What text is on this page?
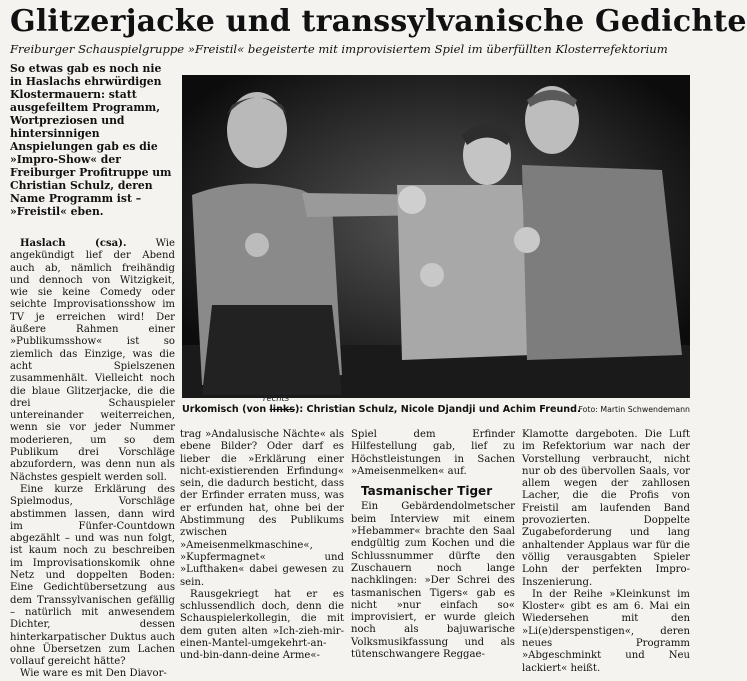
Glitzerjacke und transsylvanische Gedichte
Freiburger Schauspielgruppe »Freistil« begeisterte mit improvisiertem Spiel im überfüllten Klosterrefektorium

So etwas gab es noch nie in Haslachs ehrwürdigen Klostermauern: statt ausgefeiltem Programm, Wortpreziosen und hintersinnigen Anspielungen gab es die »Impro-Show« der Freiburger Profitruppe um Christian Schulz, deren Name Programm ist – »Freistil« eben.

Haslach (csa). Wie angekündigt lief der Abend auch ab, nämlich freihändig und dennoch von Witzigkeit, wie sie keine Comedy oder seichte Improvisationsshow im TV je erreichen wird! Der äußere Rahmen einer »Publikumsshow« ist so ziemlich das Einzige, was die acht Spielszenen zusammenhält. Vielleicht noch die blaue Glitzerjacke, die die drei Schauspieler untereinander weiterreichen, wenn sie vor jeder Nummer moderieren, um so dem Publikum drei Vorschläge abzufordern, was denn nun als Nächstes gespielt werden soll.

Eine kurze Erklärung des Spielmodus, Vorschläge abstimmen lassen, dann wird im Fünfer-Countdown abgezählt – und was nun folgt, ist kaum noch zu beschreiben im Improvisationskomik ohne Netz und doppelten Boden: Eine Gedichtübersetzung aus dem Transsylvanischen gefällig – natürlich mit anwesendem Dichter, dessen hinterkarpatischer Duktus auch ohne Übersetzen zum Lachen vollauf gereicht hätte?

Wie ware es mit Den Diavor-

rechts
Urkomisch (von links): Christian Schulz, Nicole Djandji und Achim Freund.
Foto: Martin Schwendemann

trag »Andalusische Nächte« als ebene Bilder? Oder darf es lieber die »Erklärung einer nicht-existierenden Erfindung« sein, die dadurch besticht, dass der Erfinder erraten muss, was er erfunden hat, ohne bei der Abstimmung des Publikums zwischen »Ameisenmelkmaschine«, »Kupfermagnet« und »Lufthaken« dabei gewesen zu sein.

Rausgekriegt hat er es schlussendlich doch, denn die Schauspielerkollegin, die mit dem guten alten »Ich-zieh-mir-einen-Mantel-umgekehrt-an-und-bin-dann-deine Arme«-

Spiel dem Erfinder Hilfestellung gab, lief zu Höchstleistungen in Sachen »Ameisenmelken« auf.

Tasmanischer Tiger

Ein Gebärdendolmetscher beim Interview mit einem »Hebammer« brachte den Saal endgültig zum Kochen und die Schlussnummer dürfte den Zuschauern noch lange nachklingen: »Der Schrei des tasmanischen Tigers« gab es nicht »nur einfach so« improvisiert, er wurde gleich noch als bajuwarische Volksmusikfassung und als tütenschwangere Reggae-

Klamotte dargeboten. Die Luft im Refektorium war nach der Vorstellung verbraucht, nicht nur ob des übervollen Saals, vor allem wegen der zahllosen Lacher, die die Profis von Freistil am laufenden Band provozierten. Doppelte Zugabeforderung und lang anhaltender Applaus war für die völlig verausgabten Spieler Lohn der perfekten Impro-Inszenierung.

In der Reihe »Kleinkunst im Kloster« gibt es am 6. Mai ein Wiedersehen mit den »Li(e)derspenstigen«, deren neues Programm »Abgeschminkt und Neu lackiert« heißt.
